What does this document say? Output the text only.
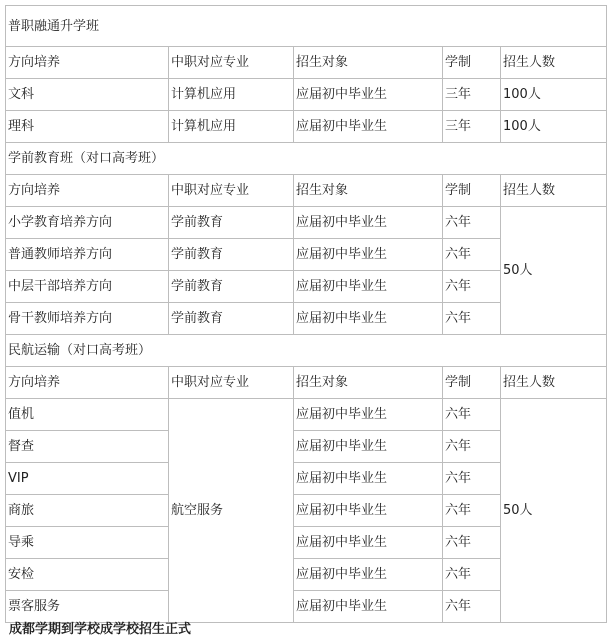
普职融通升学班				
方向培养	中职对应专业	招生对象	学制	招生人数
文科	计算机应用	应届初中毕业生	三年	100人
理科	计算机应用	应届初中毕业生	三年	100人
学前教育班（对口高考班）				
方向培养	中职对应专业	招生对象	学制	招生人数
小学教育培养方向	学前教育	应届初中毕业生	六年	50人
普通教师培养方向	学前教育	应届初中毕业生	六年	
中层干部培养方向	学前教育	应届初中毕业生	六年	
骨干教师培养方向	学前教育	应届初中毕业生	六年	
民航运输（对口高考班）				
方向培养	中职对应专业	招生对象	学制	招生人数
值机	航空服务	应届初中毕业生	六年	50人
督查		应届初中毕业生	六年	
VIP		应届初中毕业生	六年	
商旅		应届初中毕业生	六年	
导乘		应届初中毕业生	六年	
安检		应届初中毕业生	六年	
票客服务		应届初中毕业生	六年	
成都学期到学校成学校招生正式
